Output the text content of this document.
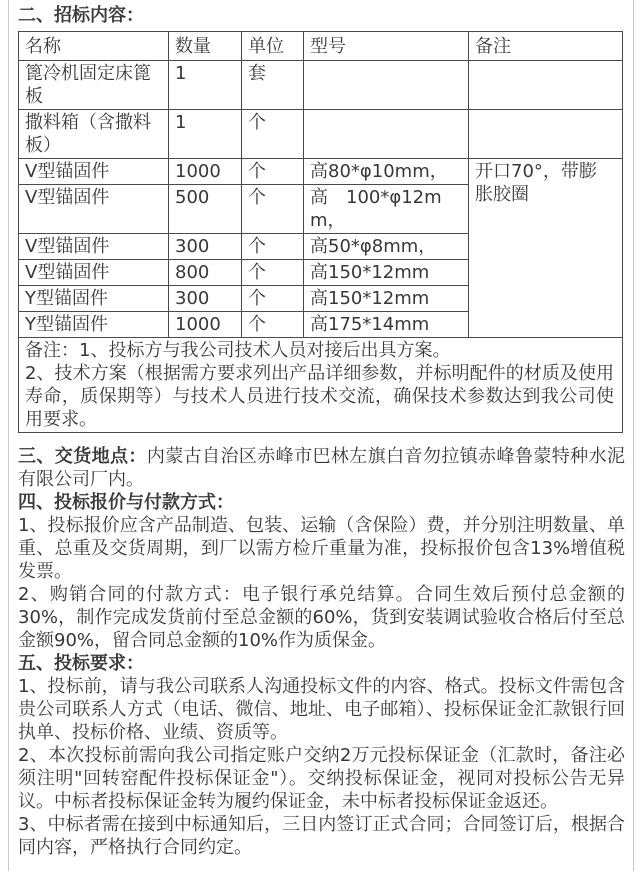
二、招标内容：

名称	数量	单位	型号	备注
篦冷机固定床篦板	1	套		
撒料箱（含撒料板）	1	个		
V型锚固件	1000	个	高80*φ10mm，	开口70°，带膨胀胶圈
V型锚固件	500	个	高　100*φ12mm，	
V型锚固件	300	个	高50*φ8mm，	
V型锚固件	800	个	高150*12mm	
Y型锚固件	300	个	高150*12mm	
Y型锚固件	1000	个	高175*14mm	

备注：1、投标方与我公司技术人员对接后出具方案。

2、技术方案（根据需方要求列出产品详细参数，并标明配件的材质及使用寿命，质保期等）与技术人员进行技术交流，确保技术参数达到我公司使用要求。				

三、交货地点：内蒙古自治区赤峰市巴林左旗白音勿拉镇赤峰鲁蒙特种水泥有限公司厂内。

四、投标报价与付款方式：

1、投标报价应含产品制造、包装、运输（含保险）费，并分别注明数量、单重、总重及交货周期，到厂以需方检斤重量为准，投标报价包含13%增值税发票。

2、购销合同的付款方式：电子银行承兑结算。合同生效后预付总金额的30%，制作完成发货前付至总金额的60%，货到安装调试验收合格后付至总金额90%，留合同总金额的10%作为质保金。

五、投标要求：

1、投标前，请与我公司联系人沟通投标文件的内容、格式。投标文件需包含贵公司联系人方式（电话、微信、地址、电子邮箱）、投标保证金汇款银行回执单、投标价格、业绩、资质等。

2、本次投标前需向我公司指定账户交纳2万元投标保证金（汇款时，备注必须注明"回转窑配件投标保证金"）。交纳投标保证金，视同对投标公告无异议。中标者投标保证金转为履约保证金，未中标者投标保证金返还。

3、中标者需在接到中标通知后，三日内签订正式合同；合同签订后，根据合同内容，严格执行合同约定。
